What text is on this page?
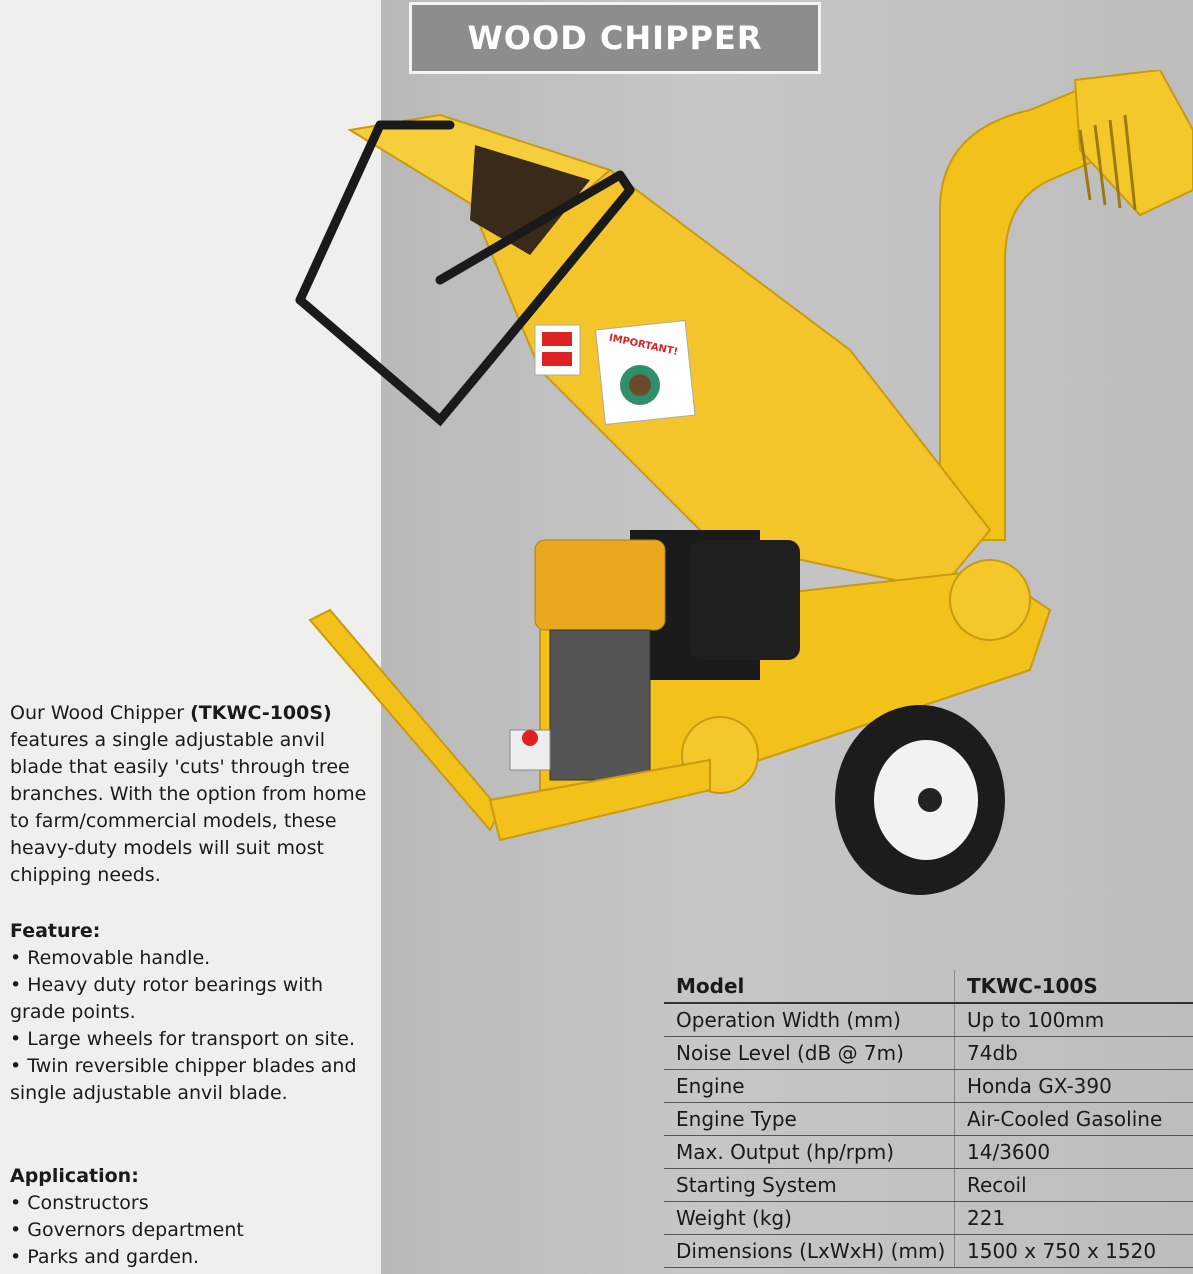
WOOD CHIPPER
IMPORTANT!
Our Wood Chipper (TKWC-100S) features a single adjustable anvil blade that easily 'cuts' through tree branches. With the option from home to farm/commercial models, these heavy-duty models will suit most chipping needs.
Feature:
• Removable handle.
• Heavy duty rotor bearings with grade points.
• Large wheels for transport on site.
• Twin reversible chipper blades and single adjustable anvil blade.
Application:
• Constructors
• Governors department
• Parks and garden.
Model	TKWC-100S
Operation Width (mm)	Up to 100mm
Noise Level (dB @ 7m)	74db
Engine	Honda GX-390
Engine Type	Air-Cooled Gasoline
Max. Output (hp/rpm)	14/3600
Starting System	Recoil
Weight (kg)	221
Dimensions (LxWxH) (mm)	1500 x 750 x 1520
